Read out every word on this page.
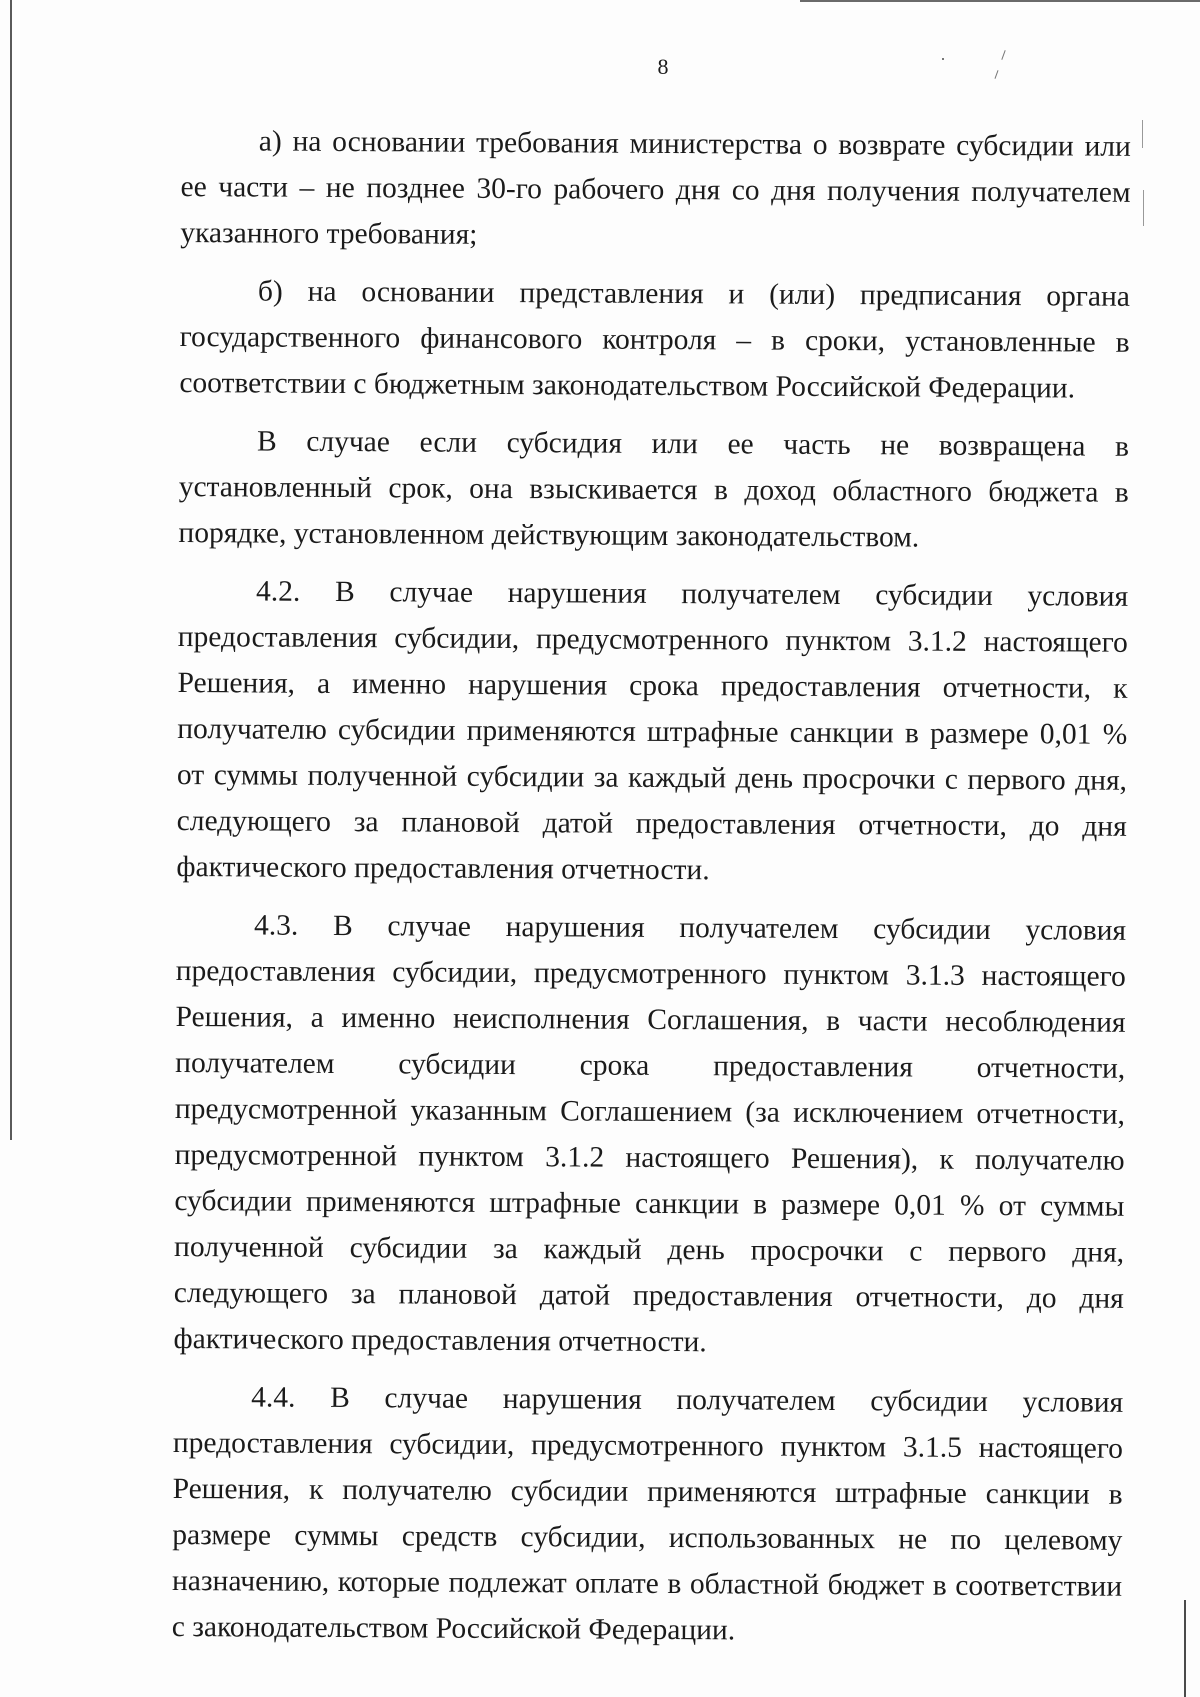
8

а) на основании требования министерства о возврате субсидии или ее части – не позднее 30-го рабочего дня со дня получения получателем указанного требования;

б) на основании представления и (или) предписания органа государственного финансового контроля – в сроки, установленные в соответствии с бюджетным законодательством Российской Федерации.

В случае если субсидия или ее часть не возвращена в установленный срок, она взыскивается в доход областного бюджета в порядке, установленном действующим законодательством.

4.2. В случае нарушения получателем субсидии условия предоставления субсидии, предусмотренного пунктом 3.1.2 настоящего Решения, а именно нарушения срока предоставления отчетности, к получателю субсидии применяются штрафные санкции в размере 0,01 % от суммы полученной субсидии за каждый день просрочки с первого дня, следующего за плановой датой предоставления отчетности, до дня фактического предоставления отчетности.

4.3. В случае нарушения получателем субсидии условия предоставления субсидии, предусмотренного пунктом 3.1.3 настоящего Решения, а именно неисполнения Соглашения, в части несоблюдения получателем субсидии срока предоставления отчетности, предусмотренной указанным Соглашением (за исключением отчетности, предусмотренной пунктом 3.1.2 настоящего Решения), к получателю субсидии применяются штрафные санкции в размере 0,01 % от суммы полученной субсидии за каждый день просрочки с первого дня, следующего за плановой датой предоставления отчетности, до дня фактического предоставления отчетности.

4.4. В случае нарушения получателем субсидии условия предоставления субсидии, предусмотренного пунктом 3.1.5 настоящего Решения, к получателю субсидии применяются штрафные санкции в размере суммы средств субсидии, использованных не по целевому назначению, которые подлежат оплате в областной бюджет в соответствии с законодательством Российской Федерации.
